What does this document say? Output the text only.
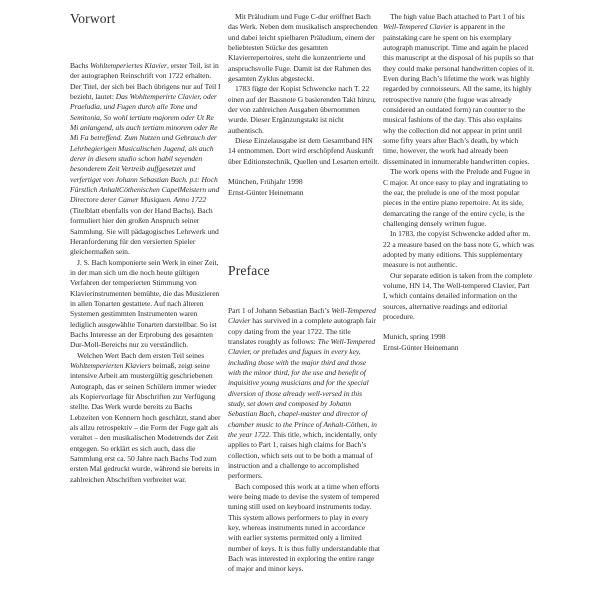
Vorwort

Bachs Wohltemperiertes Klavier, erster Teil, ist in der autographen Reinschrift von 1722 erhalten. Der Titel, der sich bei Bach übrigens nur auf Teil I bezieht, lautet: Das Wohltemperirte Clavier, oder Praeludia, und Fugen durch alle Tone und Semitonia, So wohl tertiam majorem oder Ut Re Mi anlangend, als auch tertiam minorem oder Re Mi Fa betreffend. Zum Nutzen und Gebrauch der Lehrbegierigen Musicalischen Jugend, als auch derer in diesem studio schon habil seyenden besonderem Zeit Vertreib auffgesetzet und verfertiget von Johann Sebastian Bach. p.t: Hoch Fürstlich AnhaltCöthenischen CapelMeistern und Directore derer Camer Musiquen. Anno 1722 (Titelblatt ebenfalls von der Hand Bachs). Bach formuliert hier den großen Anspruch seiner Sammlung. Sie will pädagogisches Lehrwerk und Heranforderung für den versierten Spieler gleichermaßen sein.

J. S. Bach komponierte sein Werk in einer Zeit, in der man sich um die noch heute gültigen Verfahren der temperierten Stimmung von Klavierinstrumenten bemühte, die das Musizieren in allen Tonarten gestattete. Auf nach älteren Systemen gestimmten Instrumenten waren lediglich ausgewählte Tonarten darstellbar. So ist Bachs Interesse an der Erprobung des gesamten Dur-Moll-Bereichs nur zu verständlich.

Welchen Wert Bach dem ersten Teil seines Wohltemperierten Klaviers beimaß, zeigt seine intensive Arbeit am mustergültig geschriebenen Autograph, das er seinen Schülern immer wieder als Kopiervorlage für Abschriften zur Verfügung stellte. Das Werk wurde bereits zu Bachs Lebzeiten von Kennern hoch geschätzt, stand aber als allzu retrospektiv – die Form der Fuge galt als veraltet – den musikalischen Modetrends der Zeit entgegen. So erklärt es sich auch, dass die Sammlung erst ca. 50 Jahre nach Bachs Tod zum ersten Mal gedruckt wurde, während sie bereits in zahlreichen Abschriften verbreitet war.

Mit Präludium und Fuge C-dur eröffnet Bach das Werk. Neben dem musikalisch ansprechenden und dabei leicht spielbaren Präludium, einem der beliebtesten Stücke des gesamten Klavierrepertoires, steht die konzentrierte und anspruchsvolle Fuge. Damit ist der Rahmen des gesamten Zyklus abgesteckt.

1783 fügte der Kopist Schwencke nach T. 22 einen auf der Bassnote G basierenden Takt hinzu, der von zahlreichen Ausgaben übernommen wurde. Dieser Ergänzungstakt ist nicht authentisch.

Diese Einzelausgabe ist dem Gesamtband HN 14 entnommen. Dort wird erschöpfend Auskunft über Editionstechnik, Quellen und Lesarten erteilt.

München, Frühjahr 1998

Ernst-Günter Heinemann

Preface

Part 1 of Johann Sebastian Bach’s Well-Tempered Clavier has survived in a complete autograph fair copy dating from the year 1722. The title translates roughly as follows: The Well-Tempered Clavier, or preludes and fugues in every key, including those with the major third and those with the minor third, for the use and benefit of inquisitive young musicians and for the special diversion of those already well-versed in this study, set down and composed by Johann Sebastian Bach, chapel-master and director of chamber music to the Prince of Anhalt-Cöthen, in the year 1722. This title, which, incidentally, only applies to Part 1, raises high claims for Bach’s collection, which sets out to be both a manual of instruction and a challenge to accomplished performers.

Bach composed this work at a time when efforts were being made to devise the system of tempered tuning still used on keyboard instruments today. This system allows performers to play in every key, whereas instruments tuned in accordance with earlier systems permitted only a limited number of keys. It is thus fully understandable that Bach was interested in exploring the entire range of major and minor keys.

The high value Bach attached to Part 1 of his Well-Tempered Clavier is apparent in the painstaking care he spent on his exemplary autograph manuscript. Time and again he placed this manuscript at the disposal of his pupils so that they could make personal handwritten copies of it. Even during Bach’s lifetime the work was highly regarded by connoisseurs. All the same, its highly retrospective nature (the fugue was already considered an outdated form) ran counter to the musical fashions of the day. This also explains why the collection did not appear in print until some fifty years after Bach’s death, by which time, however, the work had already been disseminated in innumerable handwritten copies.

The work opens with the Prelude and Fugue in C major. At once easy to play and ingratiating to the ear, the prelude is one of the most popular pieces in the entire piano repertoire. At its side, demarcating the range of the entire cycle, is the challenging densely written fugue.

In 1783, the copyist Schwencke added after m. 22 a measure based on the bass note G, which was adopted by many editions. This supplementary measure is not authentic.

Our separate edition is taken from the complete volume, HN 14, The Well-tempered Clavier, Part I, which contains detailed information on the sources, alternative readings and editorial procedure.

Munich, spring 1998

Ernst-Günter Heinemann
